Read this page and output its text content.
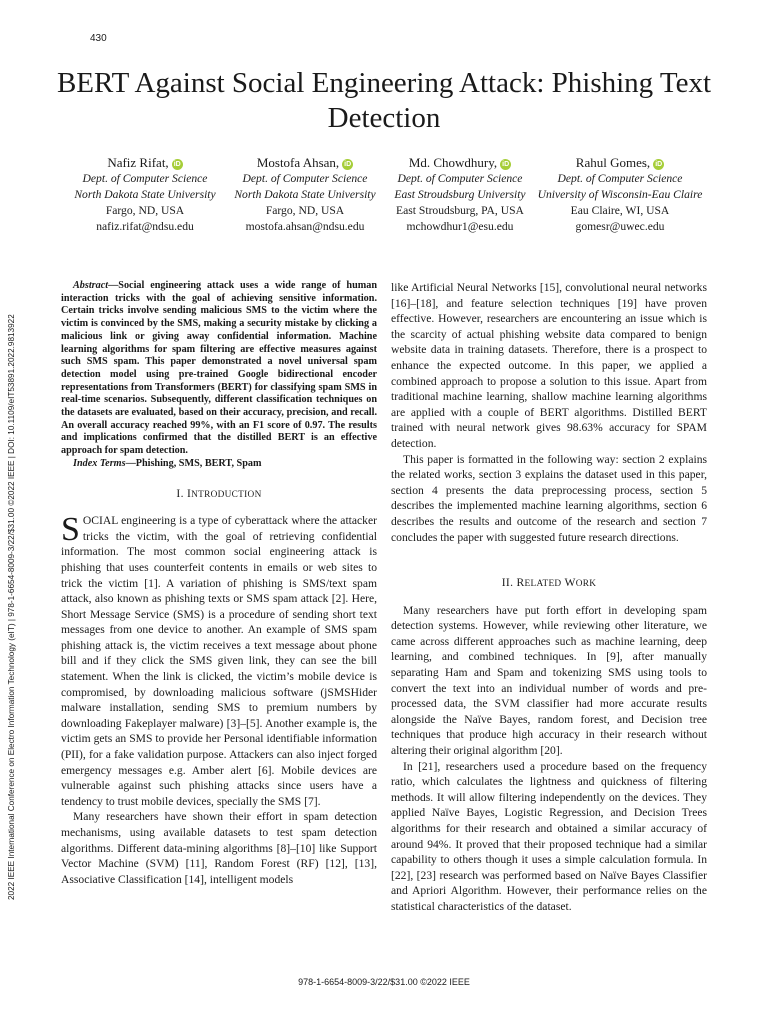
430
2022 IEEE International Conference on Electro Information Technology (eIT) | 978-1-6654-8009-3/22/$31.00 ©2022 IEEE | DOI: 10.1109/eIT53891.2022.9813922
BERT Against Social Engineering Attack: Phishing Text Detection
Nafiz Rifat, iD
Dept. of Computer Science
North Dakota State University
Fargo, ND, USA
nafiz.rifat@ndsu.edu
Mostofa Ahsan, iD
Dept. of Computer Science
North Dakota State University
Fargo, ND, USA
mostofa.ahsan@ndsu.edu
Md. Chowdhury, iD
Dept. of Computer Science
East Stroudsburg University
East Stroudsburg, PA, USA
mchowdhur1@esu.edu
Rahul Gomes, iD
Dept. of Computer Science
University of Wisconsin-Eau Claire
Eau Claire, WI, USA
gomesr@uwec.edu

Abstract—Social engineering attack uses a wide range of human interaction tricks with the goal of achieving sensitive information. Certain tricks involve sending malicious SMS to the victim where the victim is convinced by the SMS, making a security mistake by clicking a malicious link or giving away confidential information. Machine learning algorithms for spam filtering are effective measures against such SMS spam. This paper demonstrated a novel universal spam detection model using pre-trained Google bidirectional encoder representations from Transformers (BERT) for classifying spam SMS in real-time scenarios. Subsequently, different classification techniques on the datasets are evaluated, based on their accuracy, precision, and recall. An overall accuracy reached 99%, with an F1 score of 0.97. The results and implications confirmed that the distilled BERT is an effective approach for spam detection.

Index Terms—Phishing, SMS, BERT, Spam

I. INTRODUCTION

SOCIAL engineering is a type of cyberattack where the attacker tricks the victim, with the goal of retrieving confidential information. The most common social engineering attack is phishing that uses counterfeit contents in emails or web sites to trick the victim [1]. A variation of phishing is SMS/text spam attack, also known as phishing texts or SMS spam attack [2]. Here, Short Message Service (SMS) is a procedure of sending short text messages from one device to another. An example of SMS spam phishing attack is, the victim receives a text message about phone bill and if they click the SMS given link, they can see the bill statement. When the link is clicked, the victim’s mobile device is compromised, by downloading malicious software (jSMSHider malware installation, sending SMS to premium numbers by downloading Fakeplayer malware) [3]–[5]. Another example is, the victim gets an SMS to provide her Personal identifiable information (PII), for a fake validation purpose. Attackers can also inject forged emergency messages e.g. Amber alert [6]. Mobile devices are vulnerable against such phishing attacks since users have a tendency to trust mobile devices, specially the SMS [7].

Many researchers have shown their effort in spam detection mechanisms, using available datasets to test spam detection algorithms. Different data-mining algorithms [8]–[10] like Support Vector Machine (SVM) [11], Random Forest (RF) [12], [13], Associative Classification [14], intelligent models

like Artificial Neural Networks [15], convolutional neural networks [16]–[18], and feature selection techniques [19] have proven effective. However, researchers are encountering an issue which is the scarcity of actual phishing website data compared to benign website data in training datasets. Therefore, there is a prospect to enhance the expected outcome. In this paper, we applied a combined approach to propose a solution to this issue. Apart from traditional machine learning, shallow machine learning algorithms are applied with a couple of BERT algorithms. Distilled BERT trained with neural network gives 98.63% accuracy for SPAM detection.

This paper is formatted in the following way: section 2 explains the related works, section 3 explains the dataset used in this paper, section 4 presents the data preprocessing process, section 5 describes the implemented machine learning algorithms, section 6 describes the results and outcome of the research and section 7 concludes the paper with suggested future research directions.

II. RELATED WORK

Many researchers have put forth effort in developing spam detection systems. However, while reviewing other literature, we came across different approaches such as machine learning, deep learning, and combined techniques. In [9], after manually separating Ham and Spam and tokenizing SMS using tools to convert the text into an individual number of words and pre-processed data, the SVM classifier had more accurate results alongside the Naïve Bayes, random forest, and Decision tree techniques that produce high accuracy in their research without altering their original algorithm [20].

In [21], researchers used a procedure based on the frequency ratio, which calculates the lightness and quickness of filtering methods. It will allow filtering independently on the devices. They applied Naïve Bayes, Logistic Regression, and Decision Trees algorithms for their research and obtained a similar accuracy of around 94%. It proved that their proposed technique had a similar capability to others though it uses a simple calculation formula. In [22], [23] research was performed based on Naïve Bayes Classifier and Apriori Algorithm. However, their performance relies on the statistical characteristics of the dataset.

978-1-6654-8009-3/22/$31.00 ©2022 IEEE
